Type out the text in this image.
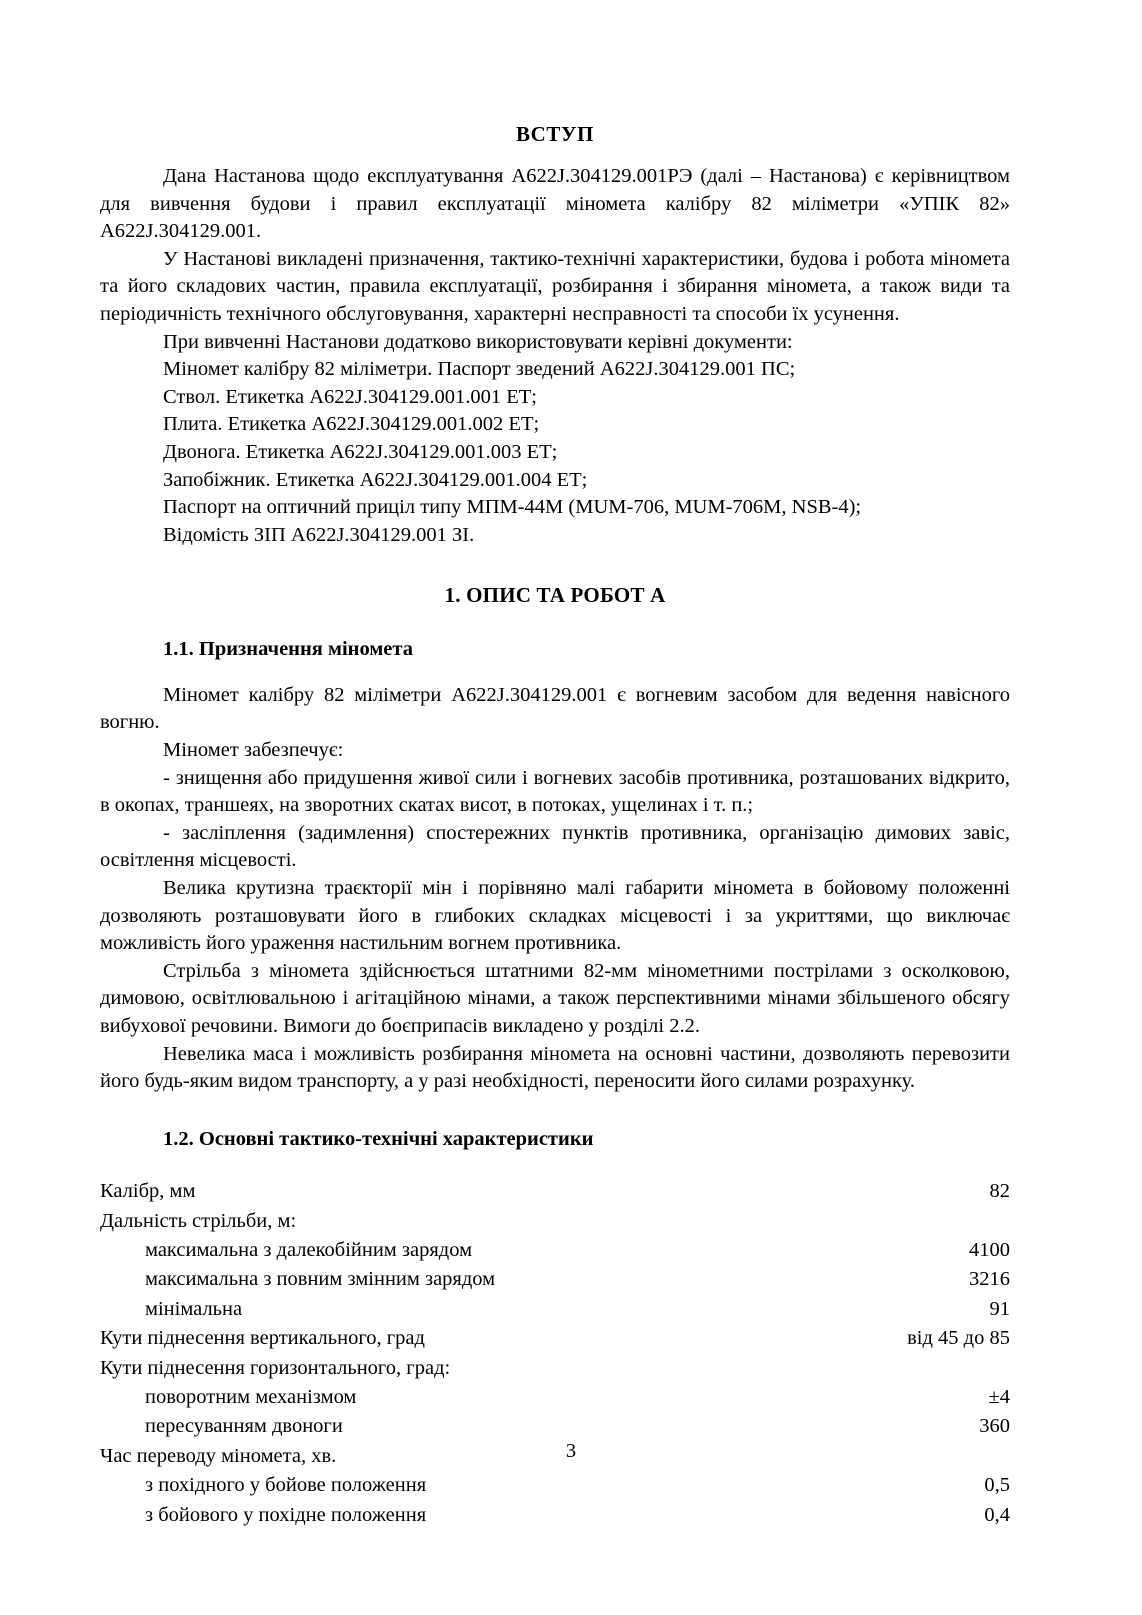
ВСТУП

Дана Настанова щодо експлуатування А622J.304129.001РЭ (далі – Настанова) є керівництвом для вивчення будови і правил експлуатації міномета калібру 82 міліметри «УПІК 82» А622J.304129.001.

У Настанові викладені призначення, тактико-технічні характеристики, будова і робота міномета та його складових частин, правила експлуатації, розбирання і збирання міномета, а також види та періодичність технічного обслуговування, характерні несправності та способи їх усунення.

При вивченні Настанови додатково використовувати керівні документи:

Міномет калібру 82 міліметри. Паспорт зведений А622J.304129.001 ПС;

Ствол. Етикетка А622J.304129.001.001 ЕТ;

Плита. Етикетка А622J.304129.001.002 ЕТ;

Двонога. Етикетка А622J.304129.001.003 ЕТ;

Запобіжник. Етикетка А622J.304129.001.004 ЕТ;

Паспорт на оптичний приціл типу МПМ-44М (MUM-706, MUM-706M, NSB-4);

Відомість ЗІП А622J.304129.001 ЗІ.

1. ОПИС ТА РОБОТ А
1.1. Призначення міномета

Міномет калібру 82 міліметри А622J.304129.001 є вогневим засобом для ведення навісного вогню.

Міномет забезпечує:

- знищення або придушення живої сили і вогневих засобів противника, розташованих відкрито, в окопах, траншеях, на зворотних скатах висот, в потоках, ущелинах і т. п.;

- засліплення (задимлення) спостережних пунктів противника, організацію димових завіс, освітлення місцевості.

Велика крутизна траєкторії мін і порівняно малі габарити міномета в бойовому положенні дозволяють розташовувати його в глибоких складках місцевості і за укриттями, що виключає можливість його ураження настильним вогнем противника.

Стрільба з міномета здійснюється штатними 82-мм мінометними пострілами з осколковою, димовою, освітлювальною і агітаційною мінами, а також перспективними мінами збільшеного обсягу вибухової речовини. Вимоги до боєприпасів викладено у розділі 2.2.

Невелика маса і можливість розбирання міномета на основні частини, дозволяють перевозити його будь-яким видом транспорту, а у разі необхідності, переносити його силами розрахунку.

1.2. Основні тактико-технічні характеристики
Калібр, мм	82
Дальність стрільби, м:
максимальна з далекобійним зарядом	4100
максимальна з повним змінним зарядом	3216
мінімальна	91
Кути піднесення вертикального, град	від 45 до 85
Кути піднесення горизонтального, град:
поворотним механізмом	±4
пересуванням двоноги	360
Час переводу міномета, хв.
з похідного у бойове положення	0,5
з бойового у похідне положення	0,4
3
